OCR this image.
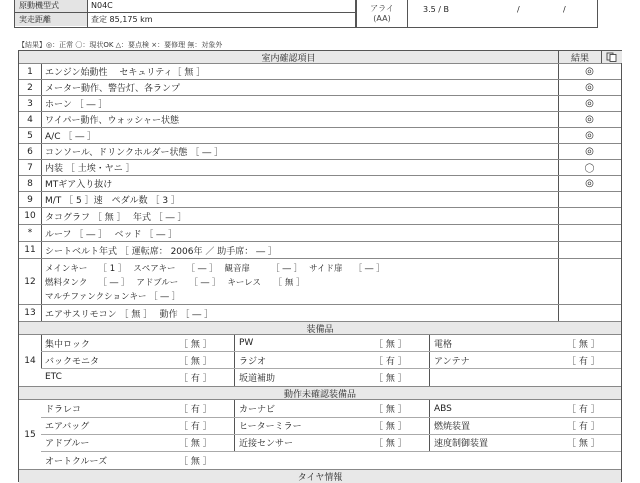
原動機型式	N04C
実走距離	查定 85,175 km
アライ
(AA)
3.5 / B	/	/
【結果】◎：正常 〇：現状OK △：要点検 ×：要修理 無：対象外
室内確認項目	結果
1	エンジン始動性　 セキュリティ［ 無 ］	◎
2	メーター動作、警告灯、各ランプ	◎
3	ホーン ［ ― ］	◎
4	ワイパー動作、ウォッシャー状態	◎
5	A/C ［ ― ］	◎
6	コンソール、ドリンクホルダー状態 ［ ― ］	◎
7	内装 ［ 土埃・ヤニ ］	〇
8	MTギア入り抜け	◎
9	M/T ［ 5 ］速　ペダル数 ［ 3 ］
10	タコグラフ ［ 無 ］　 年式 ［ ― ］
*	ルーフ ［ ― ］　 ベッド ［ ― ］
11	シートベルト年式 ［ 運転席： 2006年 ／ 助手席： ― ］
12
メインキー　 ［ 1 ］　 スペアキー　 ［ ― ］　 観音扉　　　［ ― ］　 サイド扉　 ［ ― ］
燃料タンク　 ［ ― ］　 アドブルー　 ［ ― ］　 キーレス　　［ 無 ］
マルチファンクションキー ［ ― ］
13	エアサスリモコン ［ 無 ］　 動作 ［ ― ］
装備品
14
集中ロック	［ 無 ］	PW	［ 無 ］	電格	［ 無 ］
バックモニタ	［ 無 ］	ラジオ	［ 有 ］	アンテナ	［ 有 ］
ETC	［ 有 ］	坂道補助	［ 無 ］
動作未確認装備品
15
ドラレコ	［ 有 ］	カーナビ	［ 無 ］	ABS	［ 有 ］
エアバッグ	［ 有 ］	ヒーターミラー	［ 無 ］	燃焼装置	［ 有 ］
アドブルー	［ 無 ］	近接センサー	［ 無 ］	速度制御装置	［ 無 ］
オートクルーズ	［ 無 ］
タイヤ情報
